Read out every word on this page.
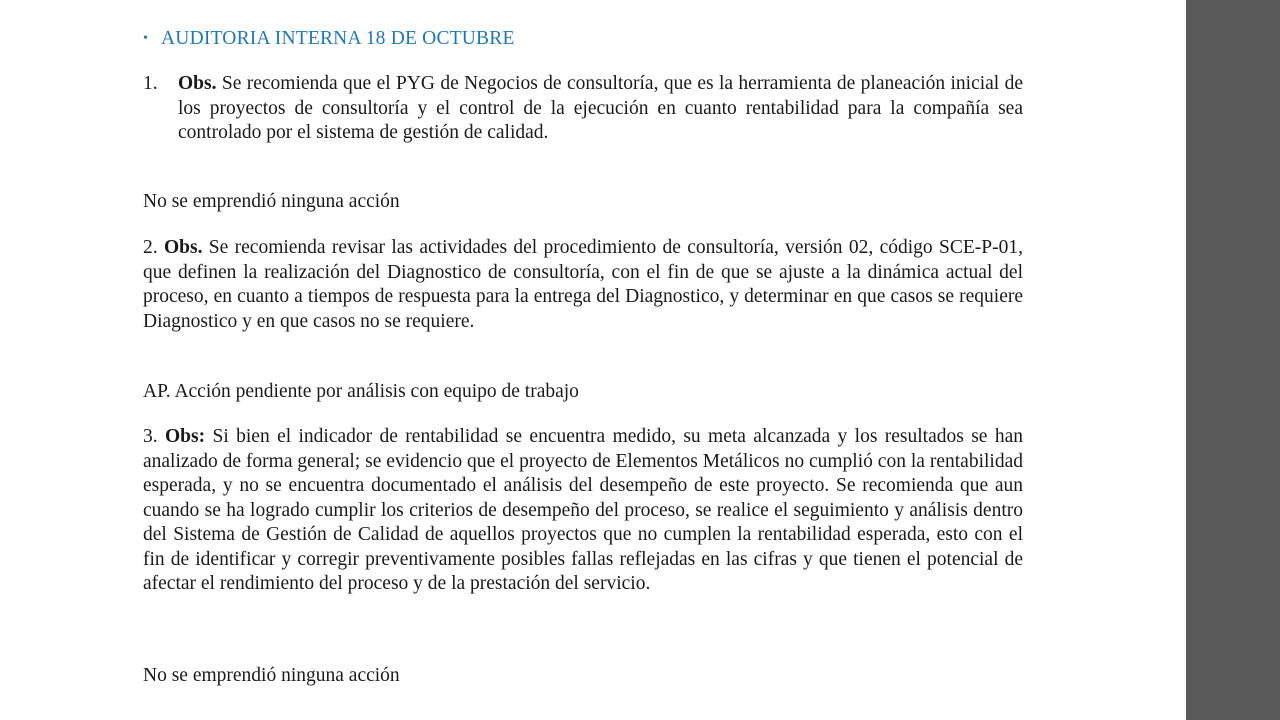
• AUDITORIA INTERNA 18 DE OCTUBRE
1. Obs. Se recomienda que el PYG de Negocios de consultoría, que es la herramienta de planeación inicial de los proyectos de consultoría y el control de la ejecución en cuanto rentabilidad para la compañía sea controlado por el sistema de gestión de calidad.
No se emprendió ninguna acción
2. Obs. Se recomienda revisar las actividades del procedimiento de consultoría, versión 02, código SCE-P-01, que definen la realización del Diagnostico de consultoría, con el fin de que se ajuste a la dinámica actual del proceso, en cuanto a tiempos de respuesta para la entrega del Diagnostico, y determinar en que casos se requiere Diagnostico y en que casos no se requiere.
AP. Acción pendiente por análisis con equipo de trabajo
3. Obs: Si bien el indicador de rentabilidad se encuentra medido, su meta alcanzada y los resultados se han analizado de forma general; se evidencio que el proyecto de Elementos Metálicos no cumplió con la rentabilidad esperada, y no se encuentra documentado el análisis del desempeño de este proyecto. Se recomienda que aun cuando se ha logrado cumplir los criterios de desempeño del proceso, se realice el seguimiento y análisis dentro del Sistema de Gestión de Calidad de aquellos proyectos que no cumplen la rentabilidad esperada, esto con el fin de identificar y corregir preventivamente posibles fallas reflejadas en las cifras y que tienen el potencial de afectar el rendimiento del proceso y de la prestación del servicio.
No se emprendió ninguna acción
